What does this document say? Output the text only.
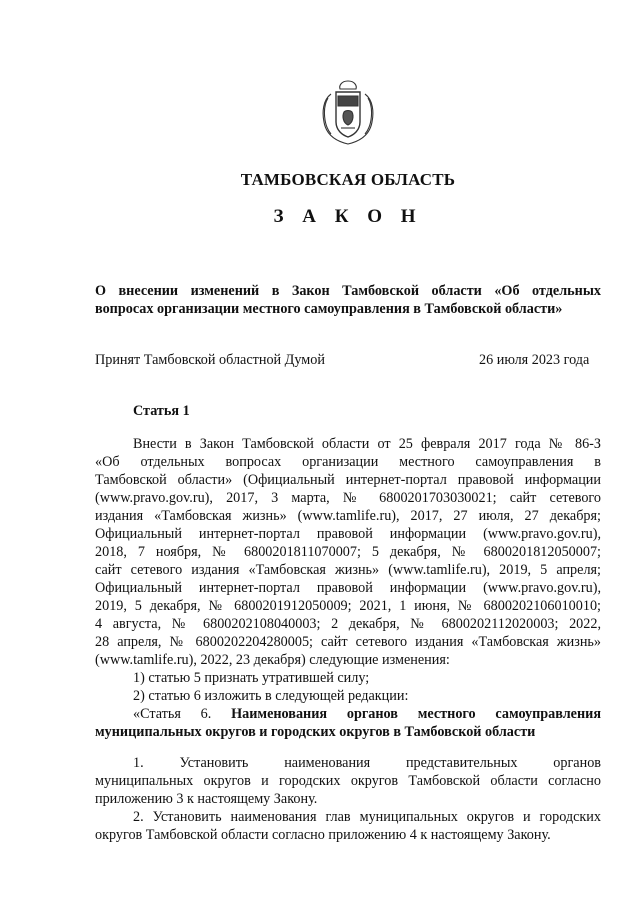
ТАМБОВСКАЯ ОБЛАСТЬ
З А К О Н
О внесении изменений в Закон Тамбовской области «Об отдельных
вопросах организации местного самоуправления в Тамбовской области»
Принят Тамбовской областной Думой	26 июля 2023 года
Статья 1
Внести в Закон Тамбовской области от 25 февраля 2017 года № 86-З
«Об отдельных вопросах организации местного самоуправления в
Тамбовской области» (Официальный интернет-портал правовой информации
(www.pravo.gov.ru), 2017, 3 марта, № 6800201703030021; сайт сетевого
издания «Тамбовская жизнь» (www.tamlife.ru), 2017, 27 июля, 27 декабря;
Официальный интернет-портал правовой информации (www.pravo.gov.ru),
2018, 7 ноября, № 6800201811070007; 5 декабря, № 6800201812050007;
сайт сетевого издания «Тамбовская жизнь» (www.tamlife.ru), 2019, 5 апреля;
Официальный интернет-портал правовой информации (www.pravo.gov.ru),
2019, 5 декабря, № 6800201912050009; 2021, 1 июня, № 6800202106010010;
4 августа, № 6800202108040003; 2 декабря, № 6800202112020003; 2022,
28 апреля, № 6800202204280005; сайт сетевого издания «Тамбовская жизнь»
(www.tamlife.ru), 2022, 23 декабря) следующие изменения:
1) статью 5 признать утратившей силу;
2) статью 6 изложить в следующей редакции:
«Статья 6. Наименования органов местного самоуправления
муниципальных округов и городских округов в Тамбовской области
1. Установить наименования представительных органов
муниципальных округов и городских округов Тамбовской области согласно
приложению 3 к настоящему Закону.
2. Установить наименования глав муниципальных округов и городских
округов Тамбовской области согласно приложению 4 к настоящему Закону.
